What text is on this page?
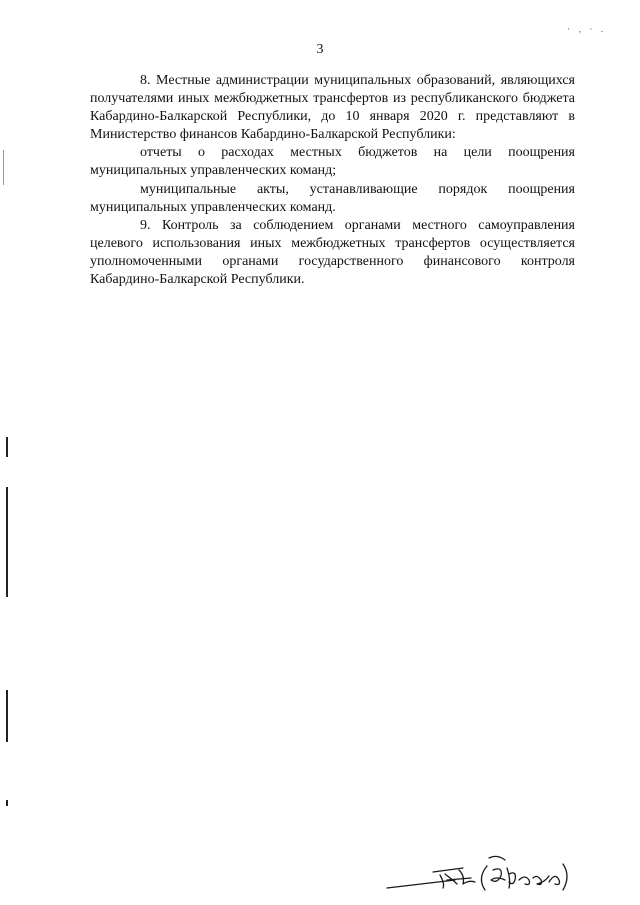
· ‚ · .
3

8. Местные администрации муниципальных образований, являющихся получателями иных межбюджетных трансфертов из республиканского бюджета Кабардино-Балкарской Республики, до 10 января 2020 г. представляют в Министерство финансов Кабардино-Балкарской Республики:

отчеты о расходах местных бюджетов на цели поощрения муниципальных управленческих команд;

муниципальные акты, устанавливающие порядок поощрения муниципальных управленческих команд.

9. Контроль за соблюдением органами местного самоуправления целевого использования иных межбюджетных трансфертов осуществляется уполномоченными органами государственного финансового контроля Кабардино-Балкарской Республики.
